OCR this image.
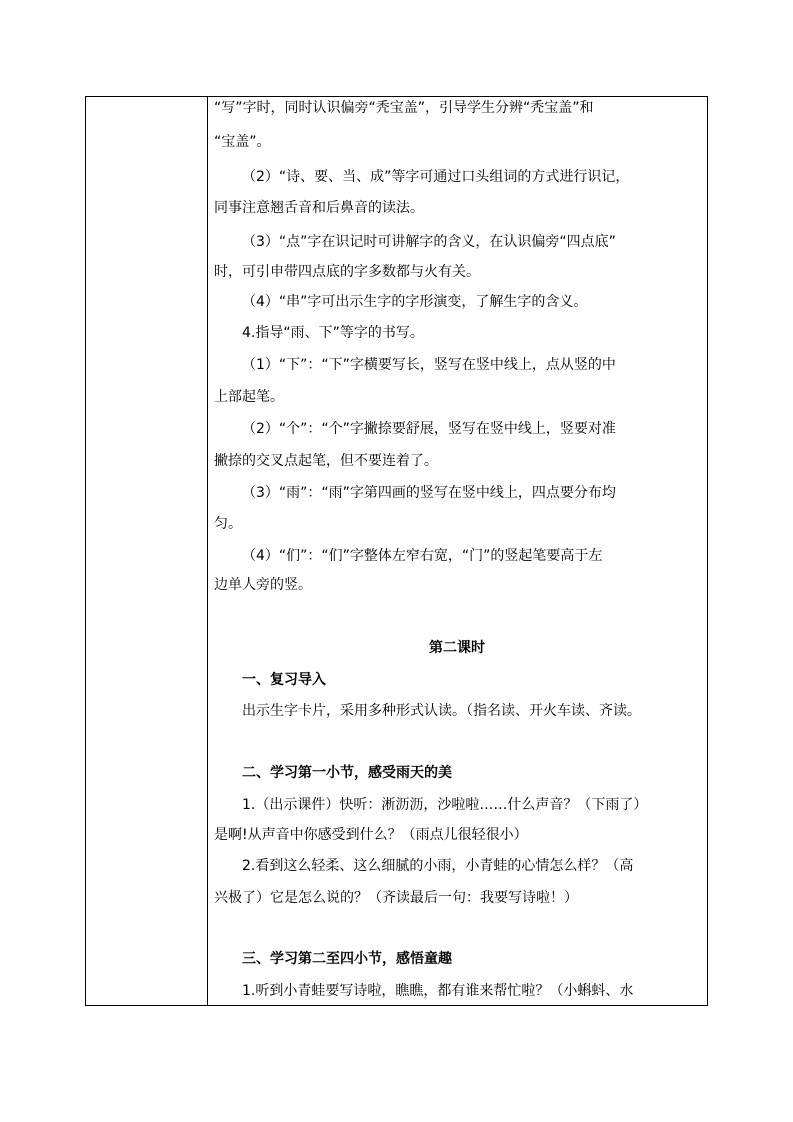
“写”字时，同时认识偏旁“秃宝盖”，引导学生分辨“秃宝盖”和
“宝盖”。
（2）“诗、要、当、成”等字可通过口头组词的方式进行识记，
同事注意翘舌音和后鼻音的读法。
（3）“点”字在识记时可讲解字的含义，在认识偏旁“四点底”
时，可引申带四点底的字多数都与火有关。
（4）“串”字可出示生字的字形演变，了解生字的含义。
4.指导“雨、下”等字的书写。
（1）“下”：“下”字横要写长，竖写在竖中线上，点从竖的中
上部起笔。
（2）“个”：“个”字撇捺要舒展，竖写在竖中线上，竖要对准
撇捺的交叉点起笔，但不要连着了。
（3）“雨”：“雨”字第四画的竖写在竖中线上，四点要分布均
匀。
（4）“们”：“们”字整体左窄右宽，“门”的竖起笔要高于左
边单人旁的竖。
第二课时
一、复习导入
出示生字卡片，采用多种形式认读。（指名读、开火车读、齐读。
二、学习第一小节，感受雨天的美
1.（出示课件）快听：淅沥沥，沙啦啦……什么声音？（下雨了）
是啊!从声音中你感受到什么？（雨点儿很轻很小）
2.看到这么轻柔、这么细腻的小雨，小青蛙的心情怎么样？（高
兴极了）它是怎么说的？（齐读最后一句：我要写诗啦！）
三、学习第二至四小节，感悟童趣
1.听到小青蛙要写诗啦，瞧瞧，都有谁来帮忙啦？（小蝌蚪、水
